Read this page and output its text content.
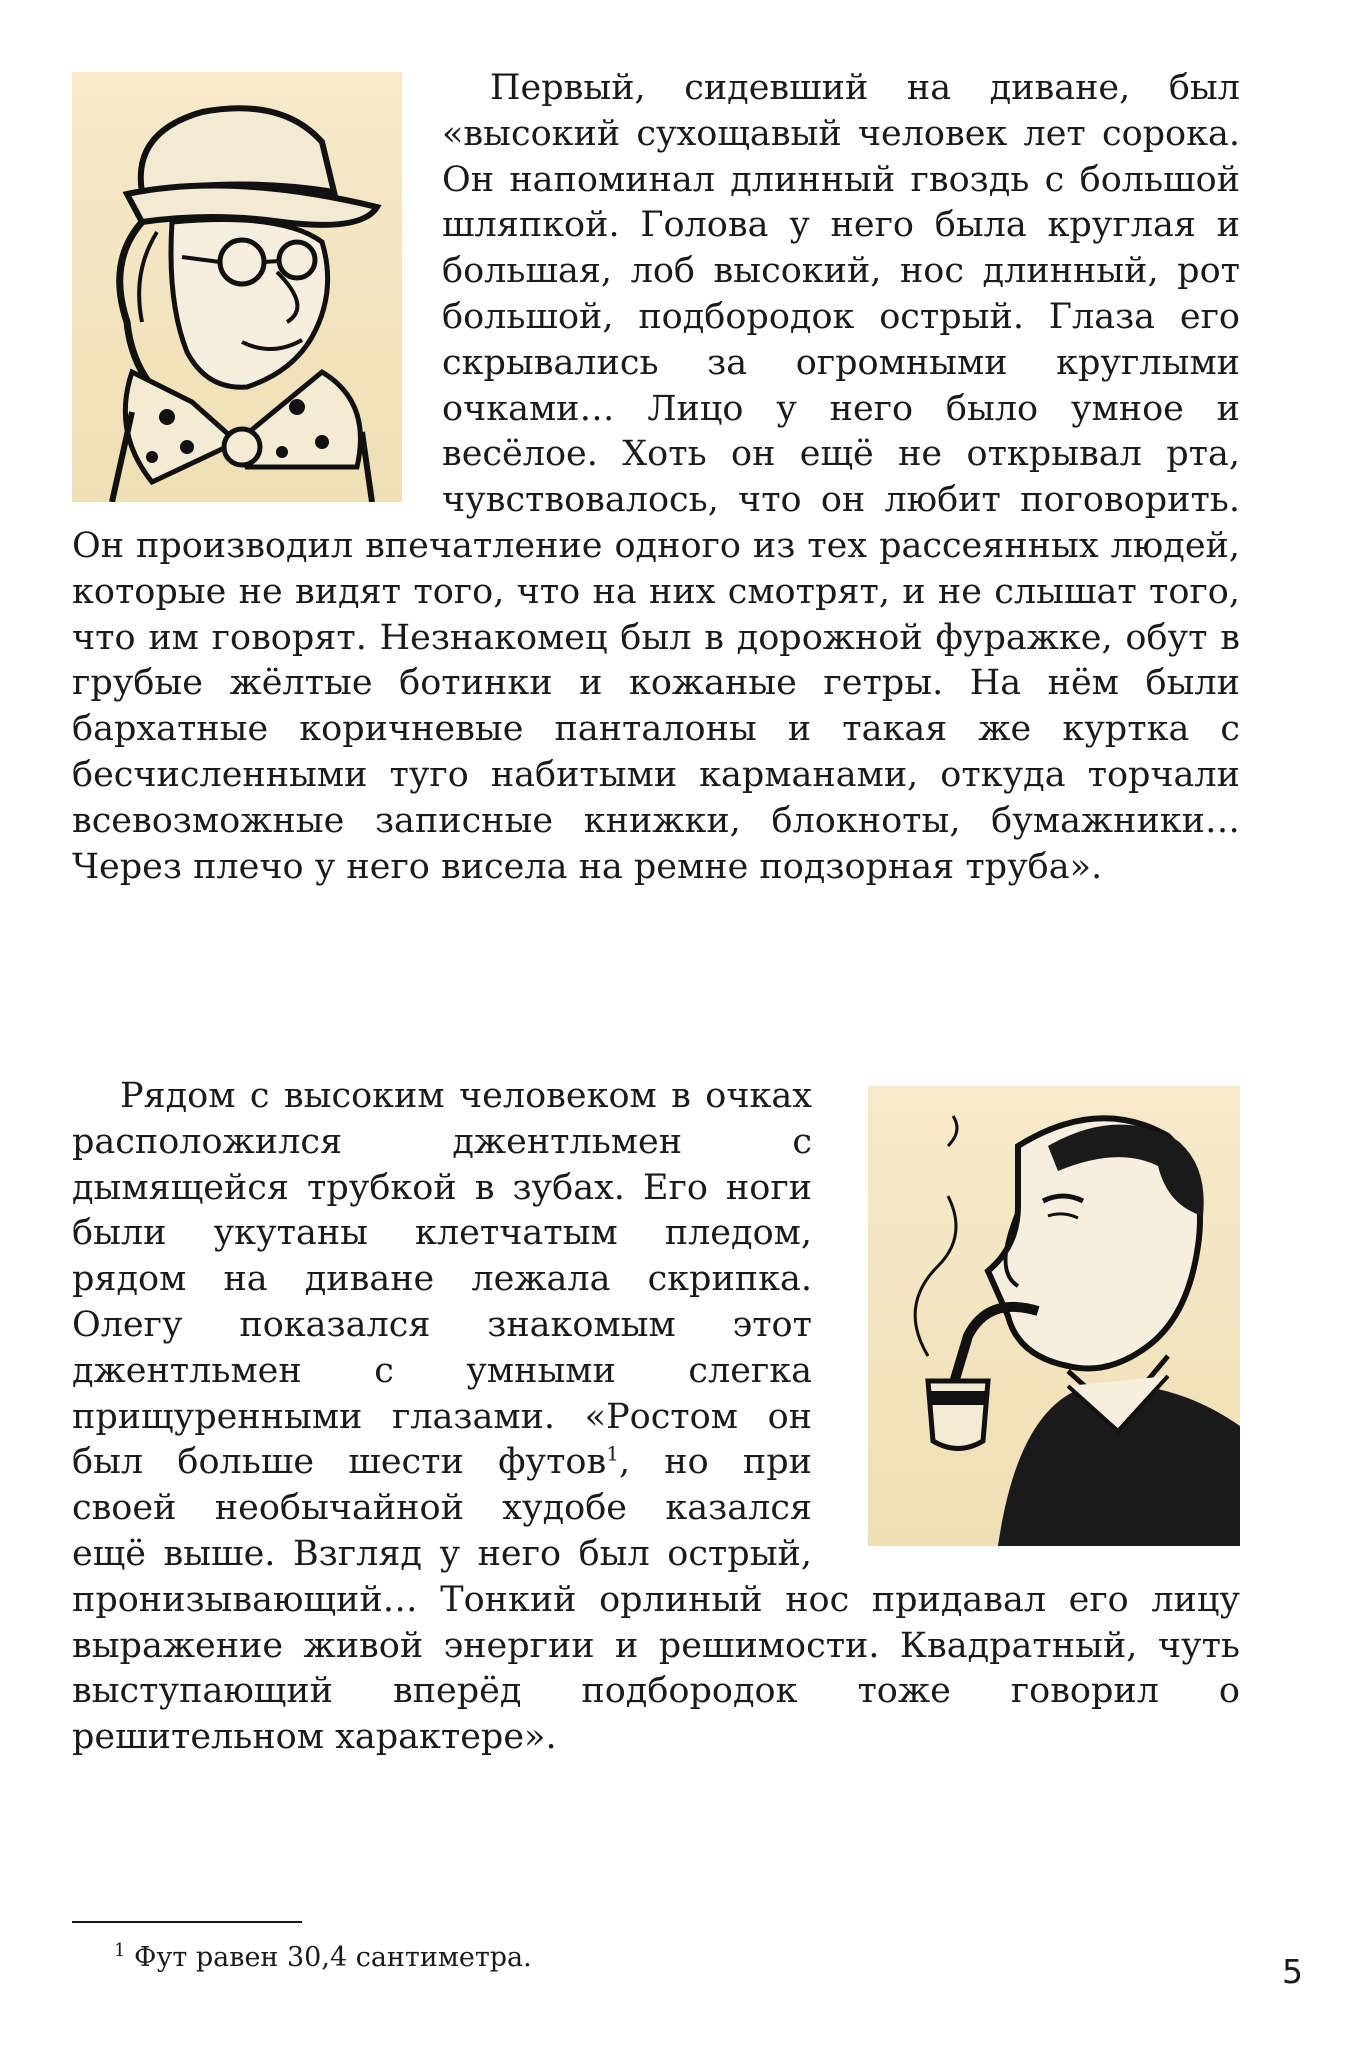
Первый, сидевший на диване, был «высокий сухощавый человек лет сорока. Он напоминал длинный гвоздь с большой шляпкой. Голова у него была круглая и большая, лоб высокий, нос длинный, рот большой, подбородок острый. Глаза его скрывались за огромными круглыми очками… Лицо у него было умное и весёлое. Хоть он ещё не открывал рта, чувствовалось, что он любит поговорить. Он производил впечатление одного из тех рассеянных людей, которые не видят того, что на них смотрят, и не слышат того, что им говорят. Незнакомец был в дорожной фуражке, обут в грубые жёлтые ботинки и кожаные гетры. На нём были бархатные коричневые панталоны и такая же куртка с бесчисленными туго набитыми карманами, откуда торчали всевозможные записные книжки, блокноты, бумажники… Через плечо у него висела на ремне подзорная труба».

Рядом с высоким человеком в очках расположился джентльмен с дымящейся трубкой в зубах. Его ноги были укутаны клетчатым пледом, рядом на диване лежала скрипка. Олегу показался знакомым этот джентльмен с умными слегка прищуренными глазами. «Ростом он был больше шести футов$^1$, но при своей необычайной худобе казался ещё выше. Взгляд у него был острый, пронизывающий… Тонкий орлиный нос придавал его лицу выражение живой энергии и решимости. Квадратный, чуть выступающий вперёд подбородок тоже говорил о решительном характере».

$^1$ Фут равен 30,4 сантиметра.	5
